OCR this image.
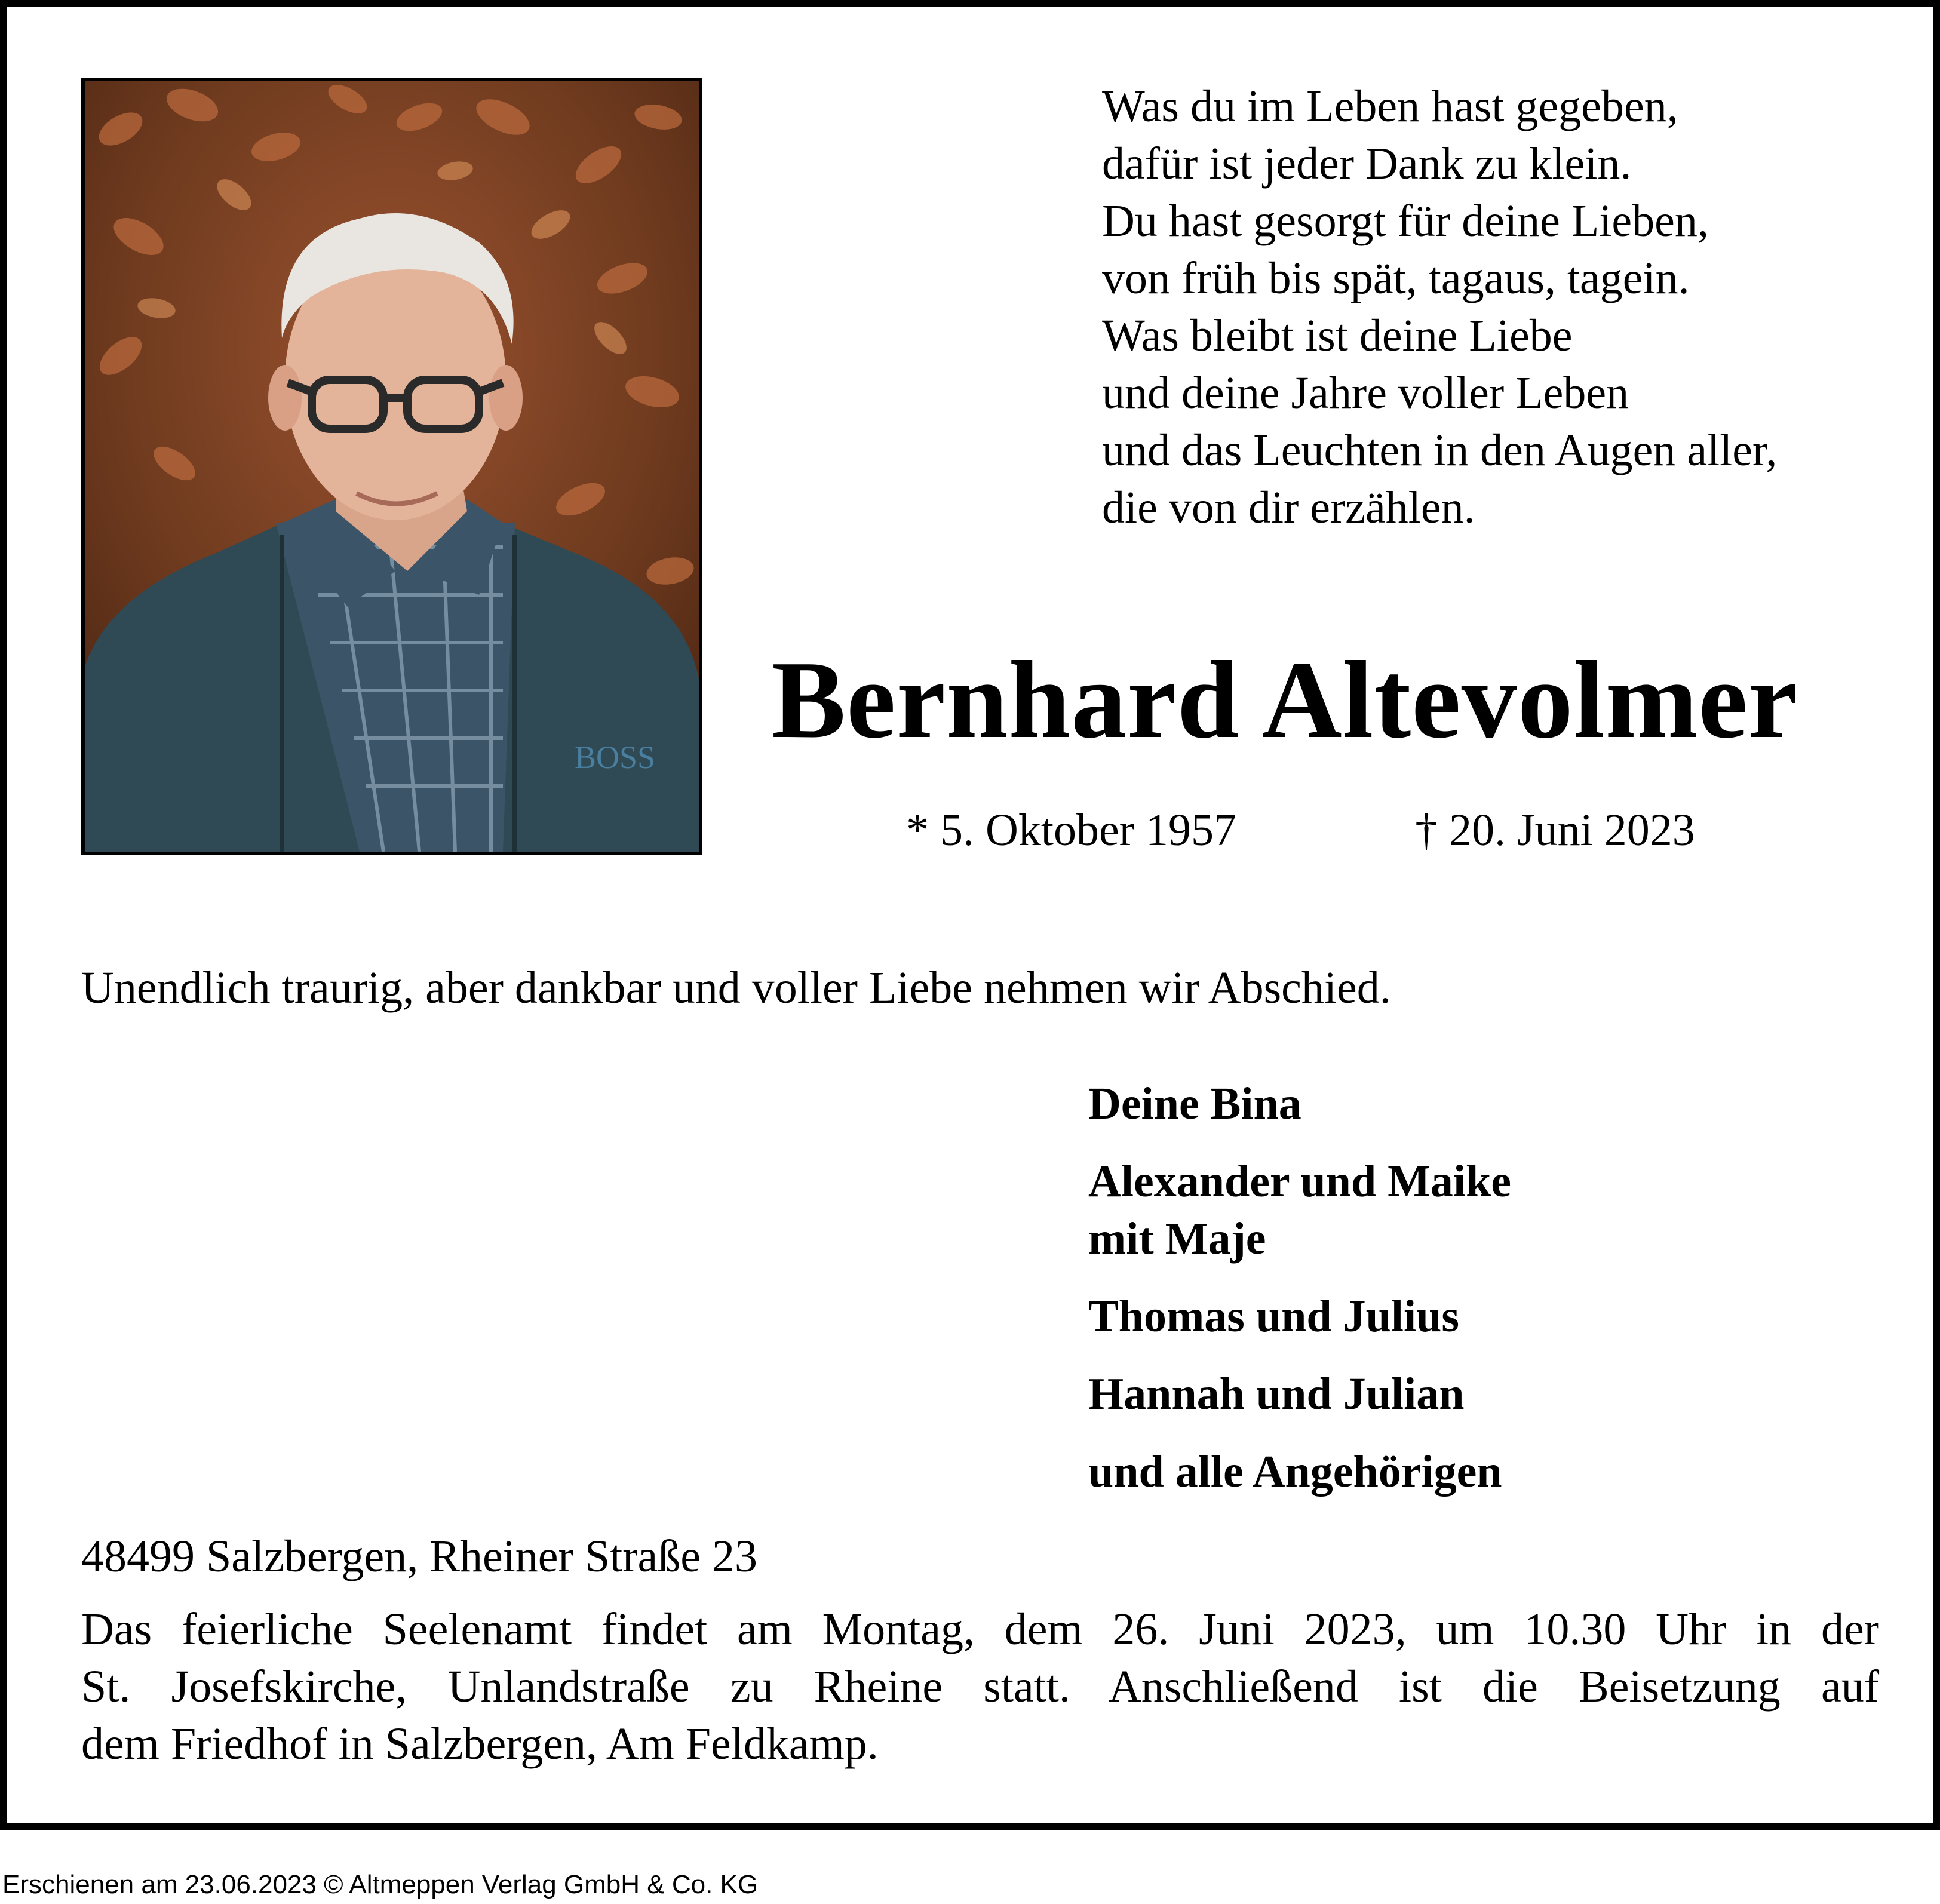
BOSS
Was du im Leben hast gegeben,
dafür ist jeder Dank zu klein.
Du hast gesorgt für deine Lieben,
von früh bis spät, tagaus, tagein.
Was bleibt ist deine Liebe
und deine Jahre voller Leben
und das Leuchten in den Augen aller,
die von dir erzählen.
Bernhard Altevolmer
* 5. Oktober 1957	† 20. Juni 2023
Unendlich traurig, aber dankbar und voller Liebe nehmen wir Abschied.
Deine Bina
Alexander und Maike
mit Maje
Thomas und Julius
Hannah und Julian
und alle Angehörigen
48499 Salzbergen, Rheiner Straße 23
Das feierliche Seelenamt findet am Montag, dem 26. Juni 2023, um 10.30 Uhr in der
St. Josefskirche, Unlandstraße zu Rheine statt. Anschließend ist die Beisetzung auf
dem Friedhof in Salzbergen, Am Feldkamp.
Erschienen am 23.06.2023 © Altmeppen Verlag GmbH & Co. KG
